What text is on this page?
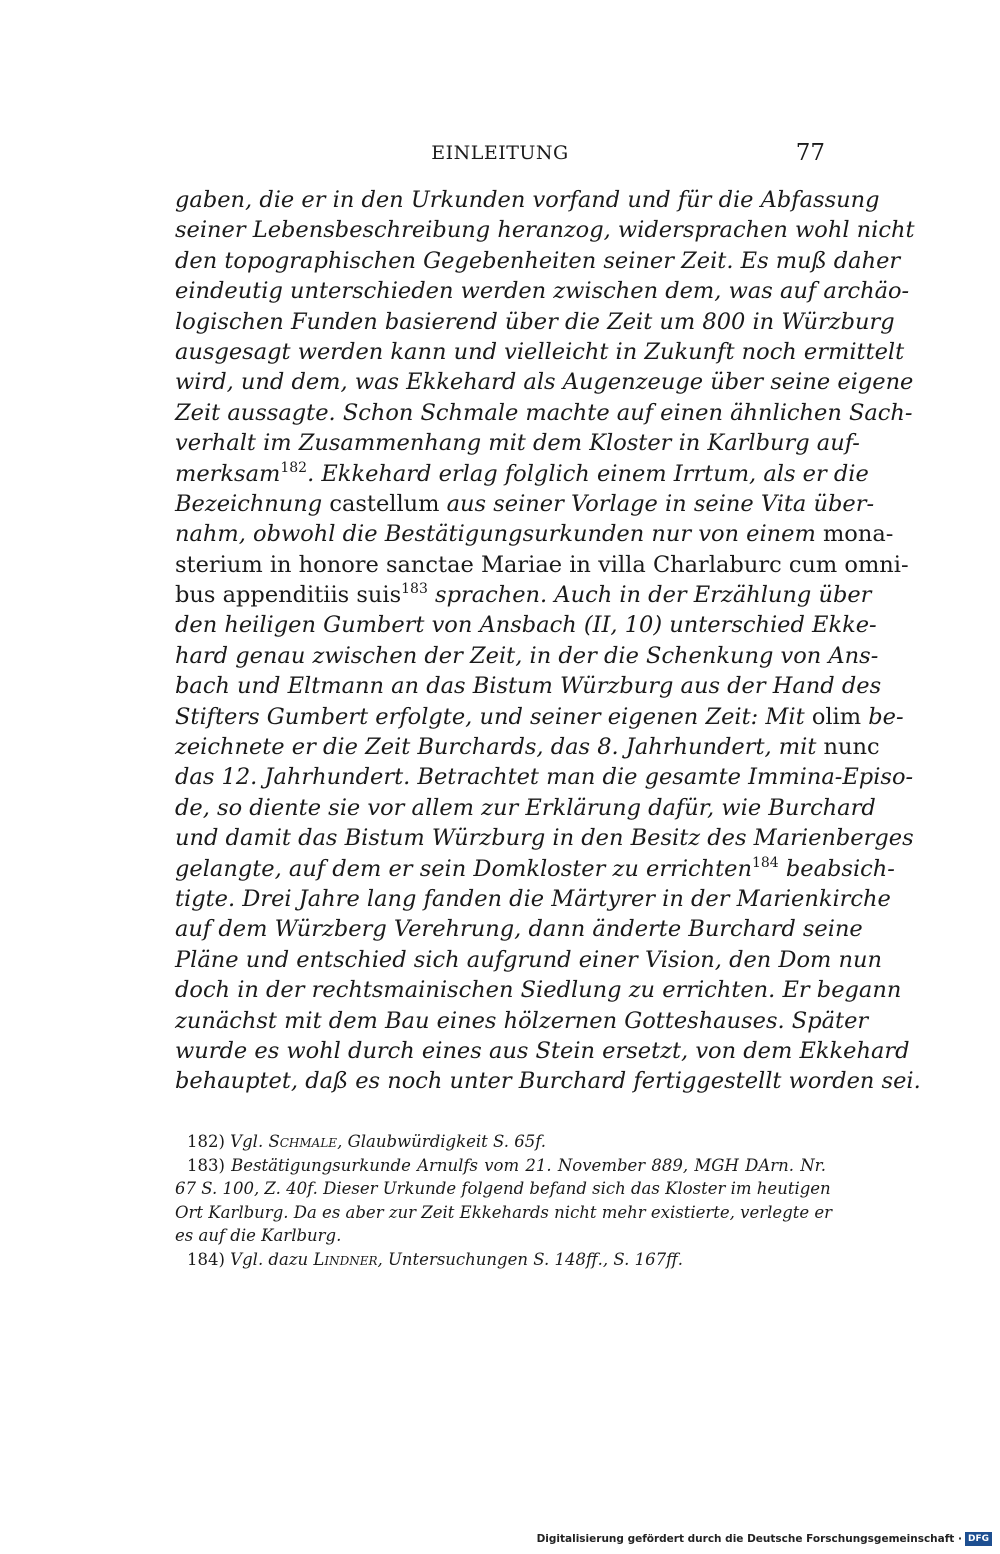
EINLEITUNG	77
gaben, die er in den Urkunden vorfand und für die Abfassung
seiner Lebensbeschreibung heranzog, widersprachen wohl nicht
den topographischen Gegebenheiten seiner Zeit. Es muß daher
eindeutig unterschieden werden zwischen dem, was auf archäo-
logischen Funden basierend über die Zeit um 800 in Würzburg
ausgesagt werden kann und vielleicht in Zukunft noch ermittelt
wird, und dem, was Ekkehard als Augenzeuge über seine eigene
Zeit aussagte. Schon Schmale machte auf einen ähnlichen Sach-
verhalt im Zusammenhang mit dem Kloster in Karlburg auf-
merksam$^{182}$. Ekkehard erlag folglich einem Irrtum, als er die
Bezeichnung castellum aus seiner Vorlage in seine Vita über-
nahm, obwohl die Bestätigungsurkunden nur von einem mona-
sterium in honore sanctae Mariae in villa Charlaburc cum omni-
bus appenditiis suis$^{183}$ sprachen. Auch in der Erzählung über
den heiligen Gumbert von Ansbach (II, 10) unterschied Ekke-
hard genau zwischen der Zeit, in der die Schenkung von Ans-
bach und Eltmann an das Bistum Würzburg aus der Hand des
Stifters Gumbert erfolgte, und seiner eigenen Zeit: Mit olim be-
zeichnete er die Zeit Burchards, das 8. Jahrhundert, mit nunc
das 12. Jahrhundert. Betrachtet man die gesamte Immina-Episo-
de, so diente sie vor allem zur Erklärung dafür, wie Burchard
und damit das Bistum Würzburg in den Besitz des Marienberges
gelangte, auf dem er sein Domkloster zu errichten$^{184}$ beabsich-
tigte. Drei Jahre lang fanden die Märtyrer in der Marienkirche
auf dem Würzberg Verehrung, dann änderte Burchard seine
Pläne und entschied sich aufgrund einer Vision, den Dom nun
doch in der rechtsmainischen Siedlung zu errichten. Er begann
zunächst mit dem Bau eines hölzernen Gotteshauses. Später
wurde es wohl durch eines aus Stein ersetzt, von dem Ekkehard
behauptet, daß es noch unter Burchard fertiggestellt worden sei.
182) Vgl. Schmale, Glaubwürdigkeit S. 65f.
183) Bestätigungsurkunde Arnulfs vom 21. November 889, MGH DArn. Nr.
67 S. 100, Z. 40f. Dieser Urkunde folgend befand sich das Kloster im heutigen
Ort Karlburg. Da es aber zur Zeit Ekkehards nicht mehr existierte, verlegte er
es auf die Karlburg.
184) Vgl. dazu Lindner, Untersuchungen S. 148ff., S. 167ff.
Digitalisierung gefördert durch die Deutsche Forschungsgemeinschaft · DFG
